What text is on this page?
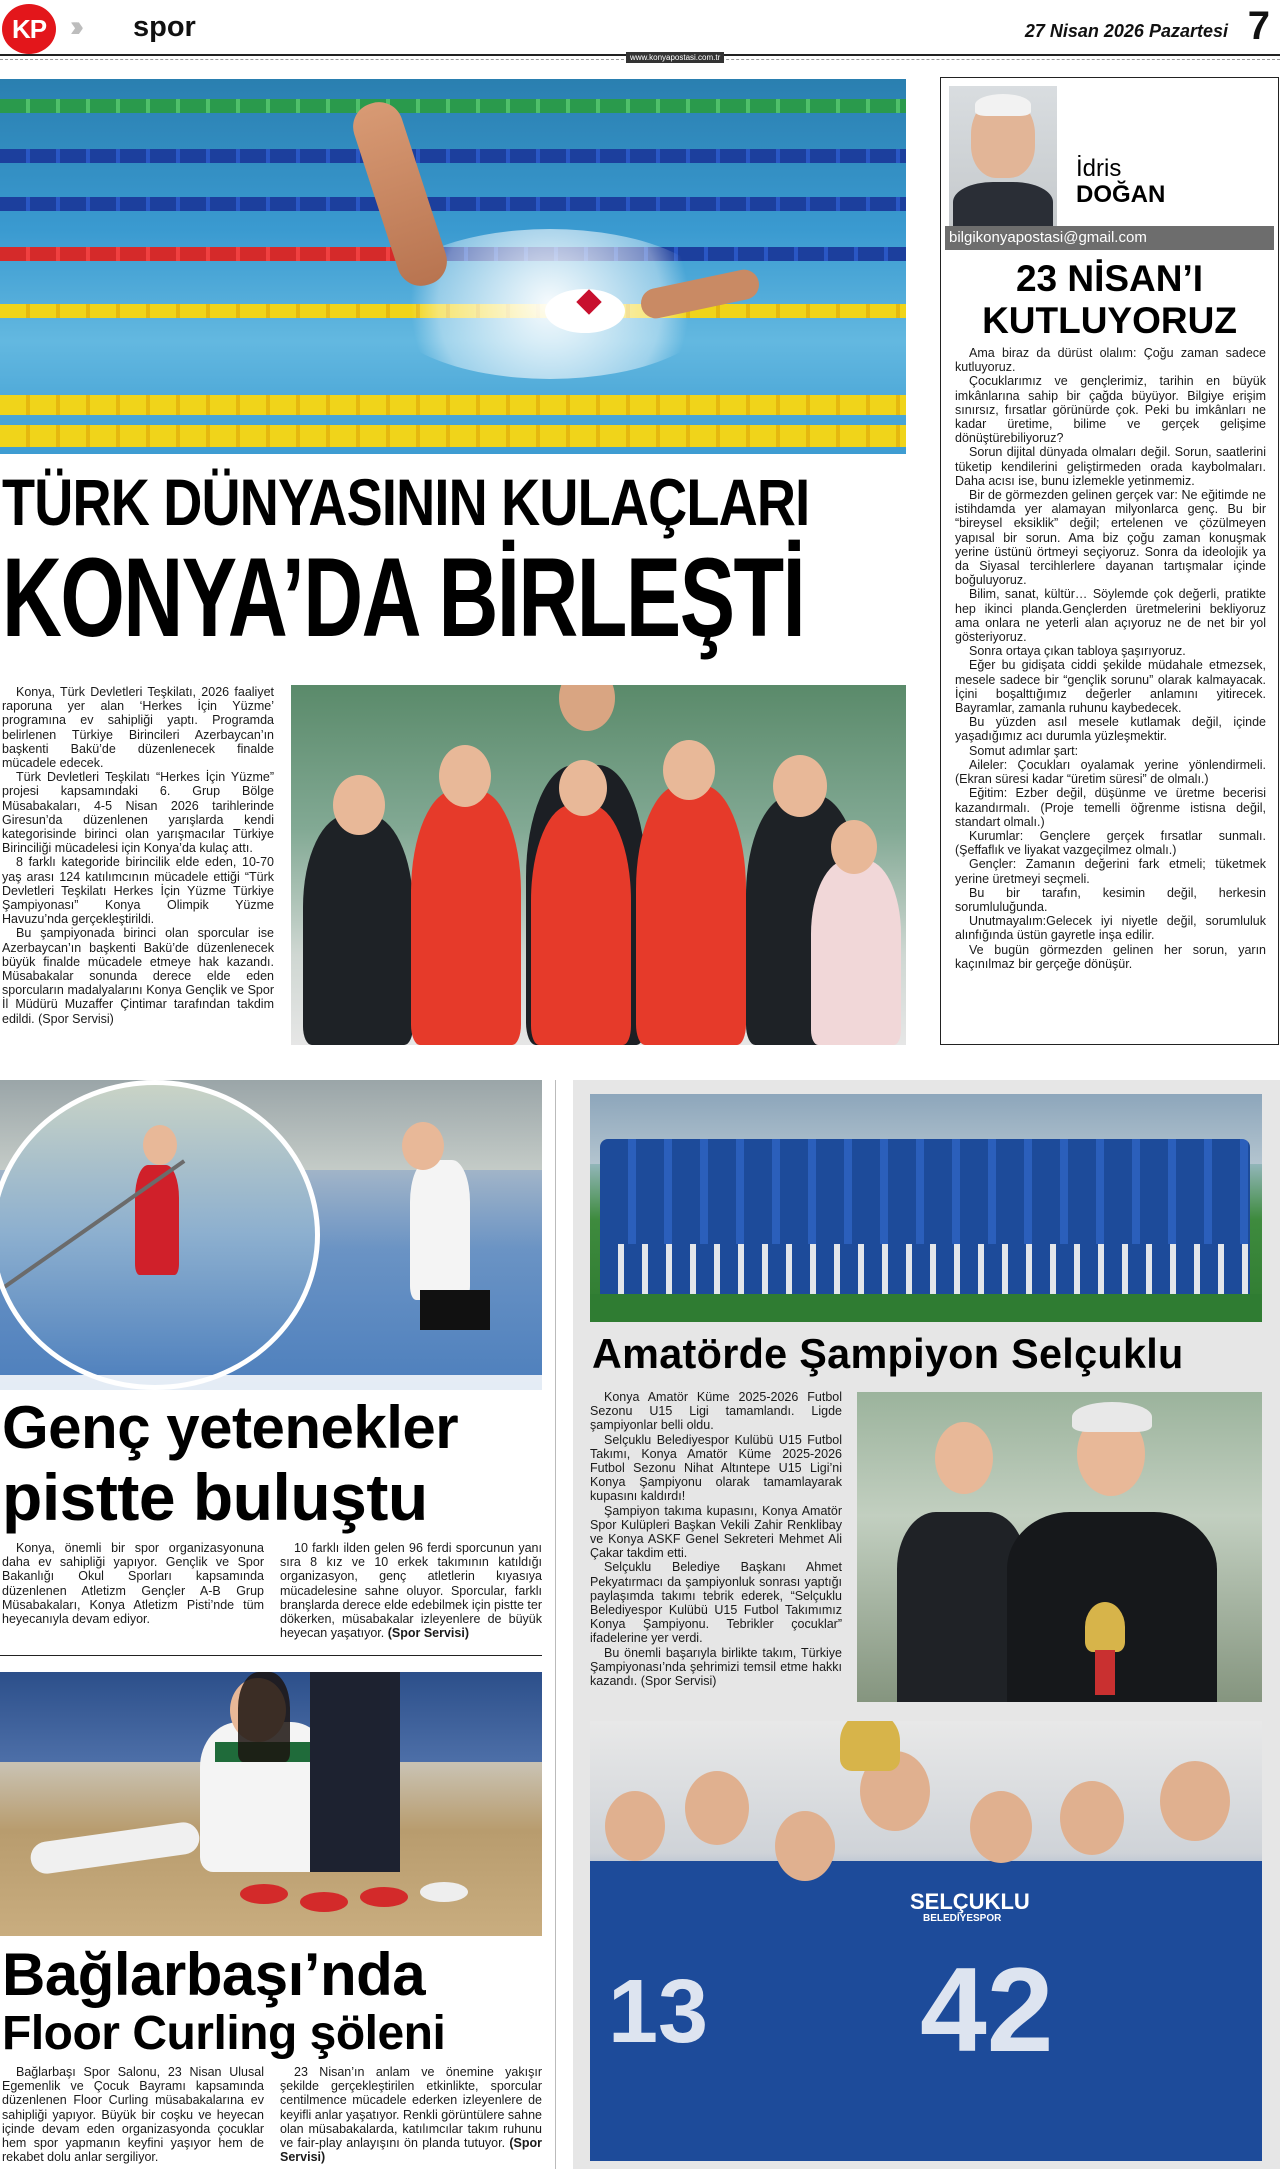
KP ››› spor	27 Nisan 2026 Pazartesi 7
www.konyapostasi.com.tr
TÜRK DÜNYASININ KULAÇLARI
KONYA’DA BİRLEŞTİ

Konya, Türk Devletleri Teşkilatı, 2026 faaliyet raporuna yer alan ‘Herkes İçin Yüzme’ programına ev sahipliği yaptı. Programda belirlenen Türkiye Birincileri Azerbaycan’ın başkenti Bakü’de düzenlenecek finalde mücadele edecek.

Türk Devletleri Teşkilatı “Herkes İçin Yüzme” projesi kapsamındaki 6. Grup Bölge Müsabakaları, 4-5 Nisan 2026 tarihlerinde Giresun’da düzenlenen yarışlarda kendi kategorisinde birinci olan yarışmacılar Türkiye Birinciliği mücadelesi için Konya’da kulaç attı.

8 farklı kategoride birincilik elde eden, 10-70 yaş arası 124 katılımcının mücadele ettiği “Türk Devletleri Teşkilatı Herkes İçin Yüzme Türkiye Şampiyonası” Konya Olimpik Yüzme Havuzu’nda gerçekleştirildi.

Bu şampiyonada birinci olan sporcular ise Azerbaycan’ın başkenti Bakü’de düzenlenecek büyük finalde mücadele etmeye hak kazandı. Müsabakalar sonunda derece elde eden sporcuların madalyalarını Konya Gençlik ve Spor İl Müdürü Muzaffer Çintimar tarafından takdim edildi. (Spor Servisi)

İdris
DOĞAN
bilgikonyapostasi@gmail.com
23 NİSAN’I
KUTLUYORUZ

Ama biraz da dürüst olalım: Çoğu zaman sadece kutluyoruz.

Çocuklarımız ve gençlerimiz, tarihin en büyük imkânlarına sahip bir çağda büyüyor. Bilgiye erişim sınırsız, fırsatlar görünürde çok. Peki bu imkânları ne kadar üretime, bilime ve gerçek gelişime dönüştürebiliyoruz?

Sorun dijital dünyada olmaları değil. Sorun, saatlerini tüketip kendilerini geliştirmeden orada kaybolmaları. Daha acısı ise, bunu izlemekle yetinmemiz.

Bir de görmezden gelinen gerçek var: Ne eğitimde ne istihdamda yer alamayan milyonlarca genç. Bu bir “bireysel eksiklik” değil; ertelenen ve çözülmeyen yapısal bir sorun. Ama biz çoğu zaman konuşmak yerine üstünü örtmeyi seçiyoruz. Sonra da ideolojik ya da Siyasal tercihlerlere dayanan tartışmalar içinde boğuluyoruz.

Bilim, sanat, kültür… Söylemde çok değerli, pratikte hep ikinci planda.Gençlerden üretmelerini bekliyoruz ama onlara ne yeterli alan açıyoruz ne de net bir yol gösteriyoruz.

Sonra ortaya çıkan tabloya şaşırıyoruz.

Eğer bu gidişata ciddi şekilde müdahale etmezsek, mesele sadece bir “gençlik sorunu” olarak kalmayacak. İçini boşalttığımız değerler anlamını yitirecek. Bayramlar, zamanla ruhunu kaybedecek.

Bu yüzden asıl mesele kutlamak değil, içinde yaşadığımız acı durumla yüzleşmektir.

Somut adımlar şart:

Aileler: Çocukları oyalamak yerine yönlendirmeli. (Ekran süresi kadar “üretim süresi” de olmalı.)

Eğitim: Ezber değil, düşünme ve üretme becerisi kazandırmalı. (Proje temelli öğrenme istisna değil, standart olmalı.)

Kurumlar: Gençlere gerçek fırsatlar sunmalı. (Şeffaflık ve liyakat vazgeçilmez olmalı.)

Gençler: Zamanın değerini fark etmeli; tüketmek yerine üretmeyi seçmeli.

Bu bir tarafın, kesimin değil, herkesin sorumluluğunda.

Unutmayalım:Gelecek iyi niyetle değil, sorumluluk alınfığında üstün gayretle inşa edilir.

Ve bugün görmezden gelinen her sorun, yarın kaçınılmaz bir gerçeğe dönüşür.

Genç yetenekler
pistte buluştu

Konya, önemli bir spor organizasyonuna daha ev sahipliği yapıyor. Gençlik ve Spor Bakanlığı Okul Sporları kapsamında düzenlenen Atletizm Gençler A-B Grup Müsabakaları, Konya Atletizm Pisti’nde tüm heyecanıyla devam ediyor.

10 farklı ilden gelen 96 ferdi sporcunun yanı sıra 8 kız ve 10 erkek takımının katıldığı organizasyon, genç atletlerin kıyasıya mücadelesine sahne oluyor. Sporcular, farklı branşlarda derece elde edebilmek için pistte ter dökerken, müsabakalar izleyenlere de büyük heyecan yaşatıyor. (Spor Servisi)

Bağlarbaşı’nda
Floor Curling şöleni

Bağlarbaşı Spor Salonu, 23 Nisan Ulusal Egemenlik ve Çocuk Bayramı kapsamında düzenlenen Floor Curling müsabakalarına ev sahipliği yapıyor. Büyük bir coşku ve heyecan içinde devam eden organizasyonda çocuklar hem spor yapmanın keyfini yaşıyor hem de rekabet dolu anlar sergiliyor.

23 Nisan’ın anlam ve önemine yakışır şekilde gerçekleştirilen etkinlikte, sporcular centilmence mücadele ederken izleyenlere de keyifli anlar yaşatıyor. Renkli görüntülere sahne olan müsabakalarda, katılımcılar takım ruhunu ve fair-play anlayışını ön planda tutuyor. (Spor Servisi)

Amatörde Şampiyon Selçuklu

Konya Amatör Küme 2025-2026 Futbol Sezonu U15 Ligi tamamlandı. Ligde şampiyonlar belli oldu.

Selçuklu Belediyespor Kulübü U15 Futbol Takımı, Konya Amatör Küme 2025-2026 Futbol Sezonu Nihat Altıntepe U15 Ligi’ni Konya Şampiyonu olarak tamamlayarak kupasını kaldırdı!

Şampiyon takıma kupasını, Konya Amatör Spor Kulüpleri Başkan Vekili Zahir Renklibay ve Konya ASKF Genel Sekreteri Mehmet Ali Çakar takdim etti.

Selçuklu Belediye Başkanı Ahmet Pekyatırmacı da şampiyonluk sonrası yaptığı paylaşımda takımı tebrik ederek, “Selçuklu Belediyespor Kulübü U15 Futbol Takımımız Konya Şampiyonu. Tebrikler çocuklar” ifadelerine yer verdi.

Bu önemli başarıyla birlikte takım, Türkiye Şampiyonası’nda şehrimizi temsil etme hakkı kazandı. (Spor Servisi)

SELÇUKLU
BELEDİYESPOR
13 42
